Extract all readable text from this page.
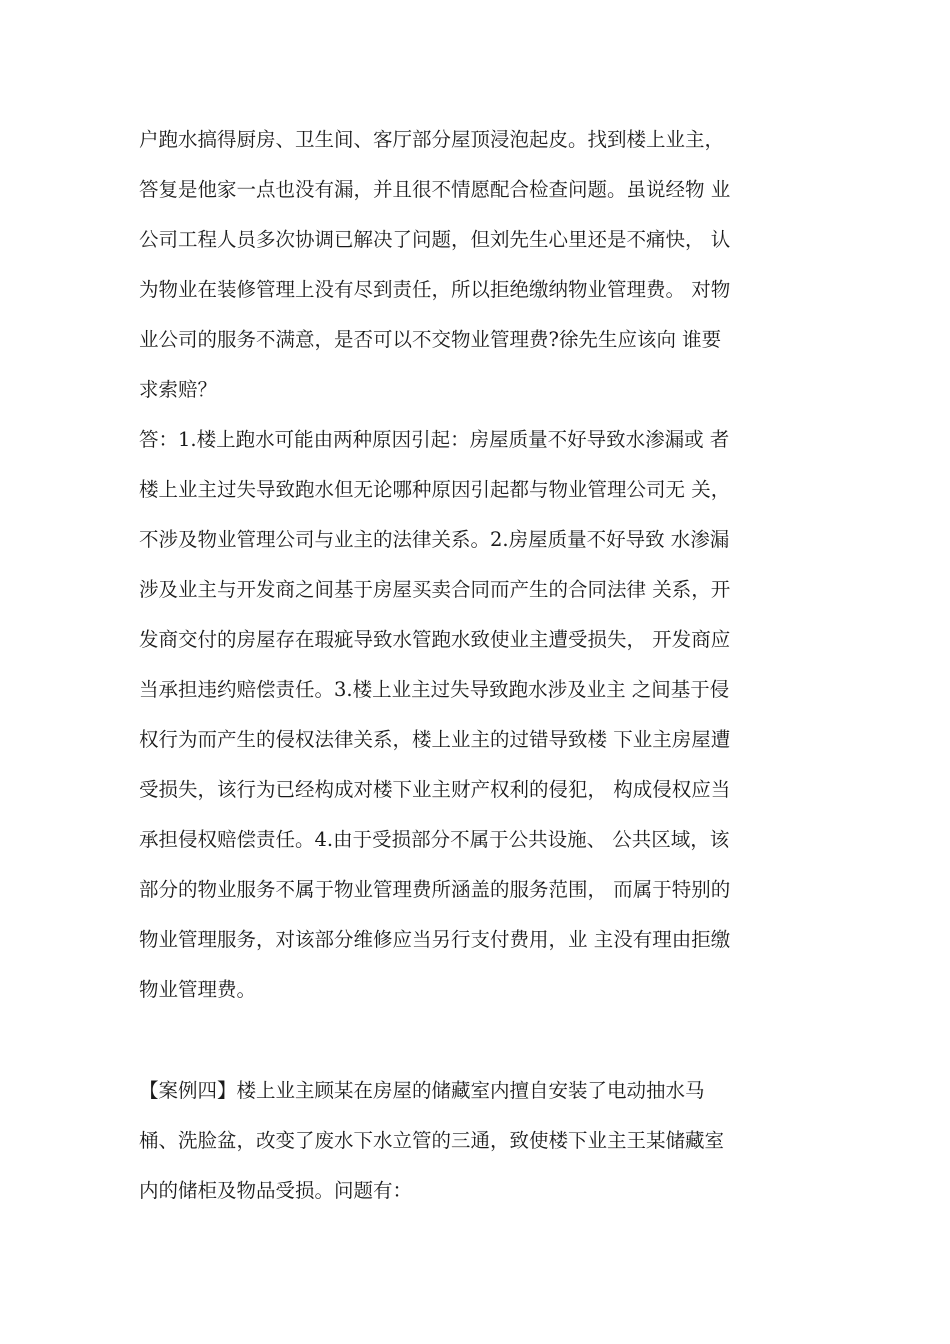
户跑水搞得厨房、卫生间、客厅部分屋顶浸泡起皮。找到楼上业主，
答复是他家一点也没有漏，并且很不情愿配合检查问题。虽说经物 业
公司工程人员多次协调已解决了问题，但刘先生心里还是不痛快， 认
为物业在装修管理上没有尽到责任，所以拒绝缴纳物业管理费。 对物
业公司的服务不满意，是否可以不交物业管理费?徐先生应该向 谁要
求索赔？
答：1.楼上跑水可能由两种原因引起：房屋质量不好导致水渗漏或 者
楼上业主过失导致跑水但无论哪种原因引起都与物业管理公司无 关，
不涉及物业管理公司与业主的法律关系。2.房屋质量不好导致 水渗漏
涉及业主与开发商之间基于房屋买卖合同而产生的合同法律 关系，开
发商交付的房屋存在瑕疵导致水管跑水致使业主遭受损失， 开发商应
当承担违约赔偿责任。3.楼上业主过失导致跑水涉及业主 之间基于侵
权行为而产生的侵权法律关系，楼上业主的过错导致楼 下业主房屋遭
受损失，该行为已经构成对楼下业主财产权利的侵犯， 构成侵权应当
承担侵权赔偿责任。4.由于受损部分不属于公共设施、 公共区域，该
部分的物业服务不属于物业管理费所涵盖的服务范围， 而属于特别的
物业管理服务，对该部分维修应当另行支付费用，业 主没有理由拒缴
物业管理费。
【案例四】楼上业主顾某在房屋的储藏室内擅自安装了电动抽水马
桶、洗脸盆，改变了废水下水立管的三通，致使楼下业主王某储藏室
内的储柜及物品受损。问题有：
